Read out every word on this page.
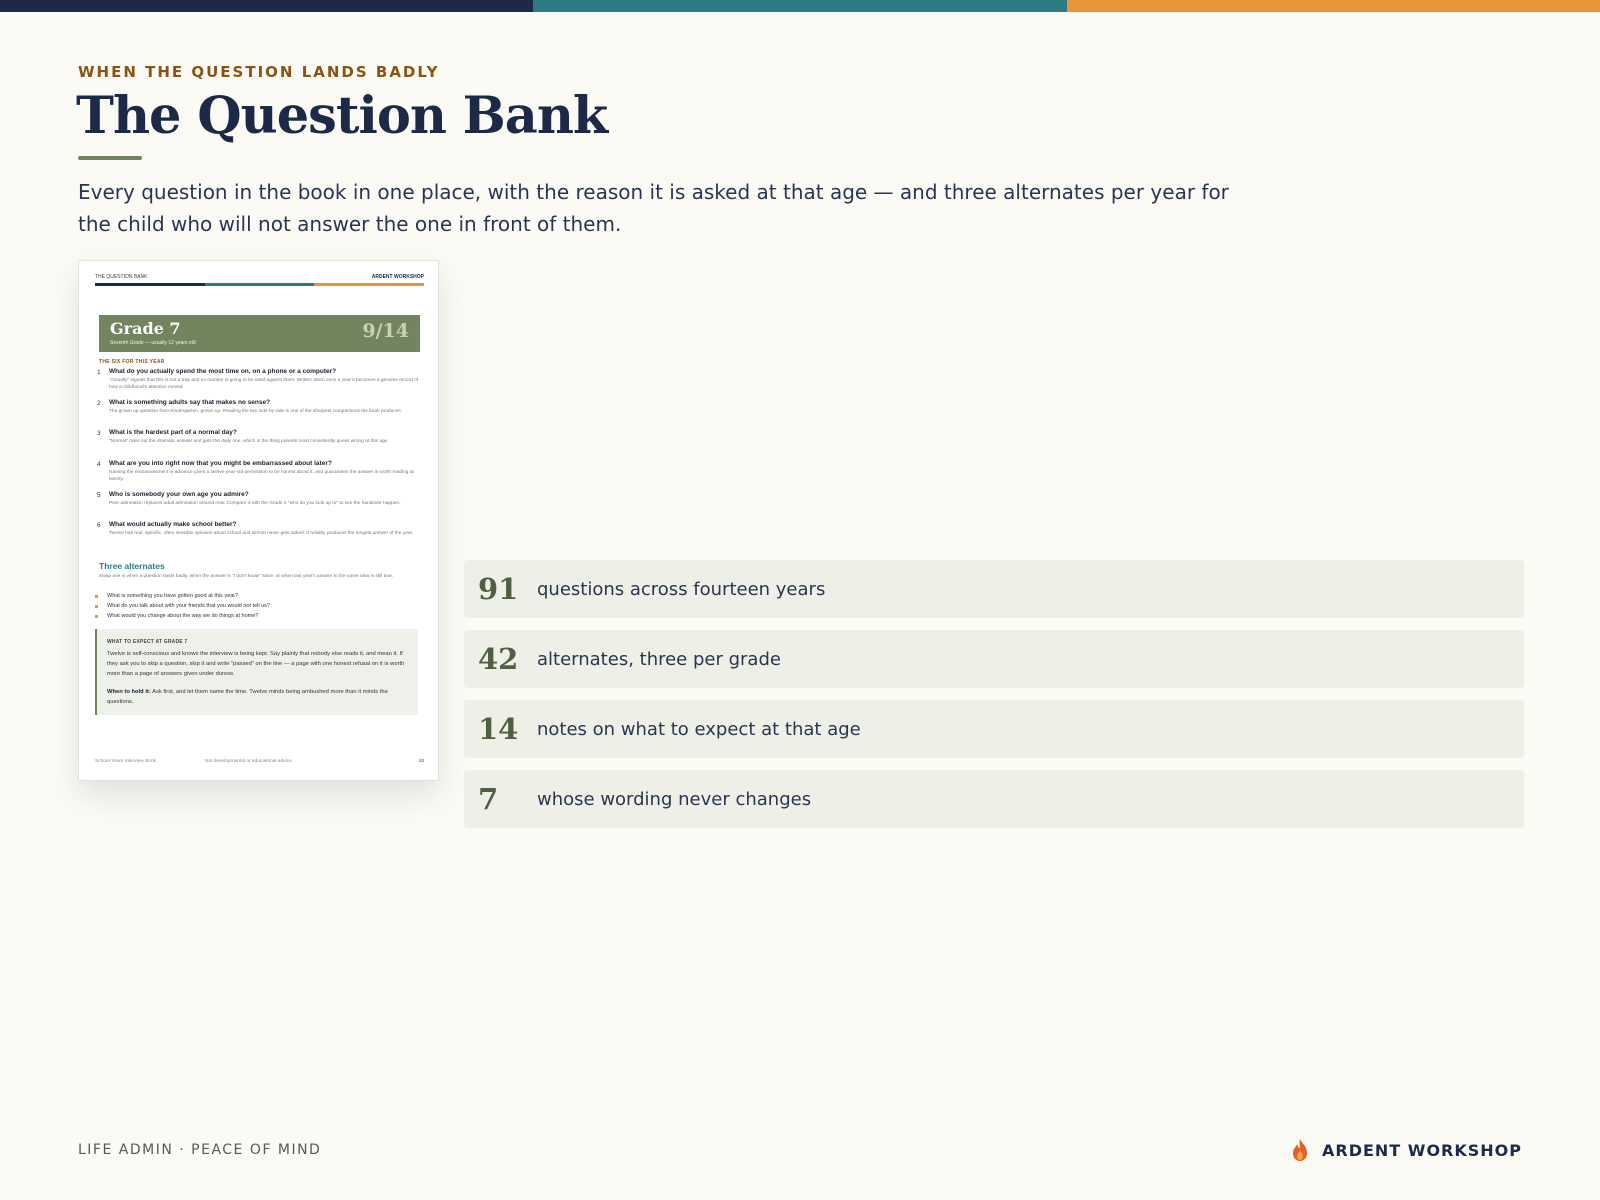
WHEN THE QUESTION LANDS BADLY
The Question Bank

Every question in the book in one place, with the reason it is asked at that age — and three alternates per year for the child who will not answer the one in front of them.

THE QUESTION BANK	ARDENT WORKSHOP
Grade 7
Seventh Grade — usually 12 years old
9/14
THE SIX FOR THIS YEAR
1	What do you actually spend the most time on, on a phone or a computer?
"Actually" signals that this is not a trap and no number is going to be used against them. Written down once a year it becomes a genuine record of how a childhood's attention moved.
2	What is something adults say that makes no sense?
The grown-up question from Kindergarten, grown up. Reading the two side by side is one of the sharpest comparisons the book produces.
3	What is the hardest part of a normal day?
"Normal" rules out the dramatic answer and gets the daily one, which is the thing parents most consistently guess wrong at this age.
4	What are you into right now that you might be embarrassed about later?
Naming the embarrassment in advance gives a twelve-year-old permission to be honest about it, and guarantees the answer is worth reading at twenty.
5	Who is somebody your own age you admire?
Peer admiration replaces adult admiration around now. Compare it with the Grade 2 "who do you look up to" to see the handover happen.
6	What would actually make school better?
Twelve has real, specific, often sensible opinions about school and almost never gets asked. It reliably produces the longest answer of the year.
Three alternates
Swap one in when a question lands badly, when the answer is "I don't know" twice, or when last year's answer to the same idea is still true.
What is something you have gotten good at this year?
What do you talk about with your friends that you would not tell us?
What would you change about the way we do things at home?
WHAT TO EXPECT AT GRADE 7
Twelve is self-conscious and knows the interview is being kept. Say plainly that nobody else reads it, and mean it. If they ask you to skip a question, skip it and write "passed" on the line — a page with one honest refusal on it is worth more than a page of answers given under duress.
When to hold it: Ask first, and let them name the time. Twelve minds being ambushed more than it minds the questions.
School-Years Interview Book	Not developmental or educational advice.	10
91	questions across fourteen years
42	alternates, three per grade
14	notes on what to expect at that age
7	whose wording never changes
LIFE ADMIN · PEACE OF MIND	ARDENT WORKSHOP
